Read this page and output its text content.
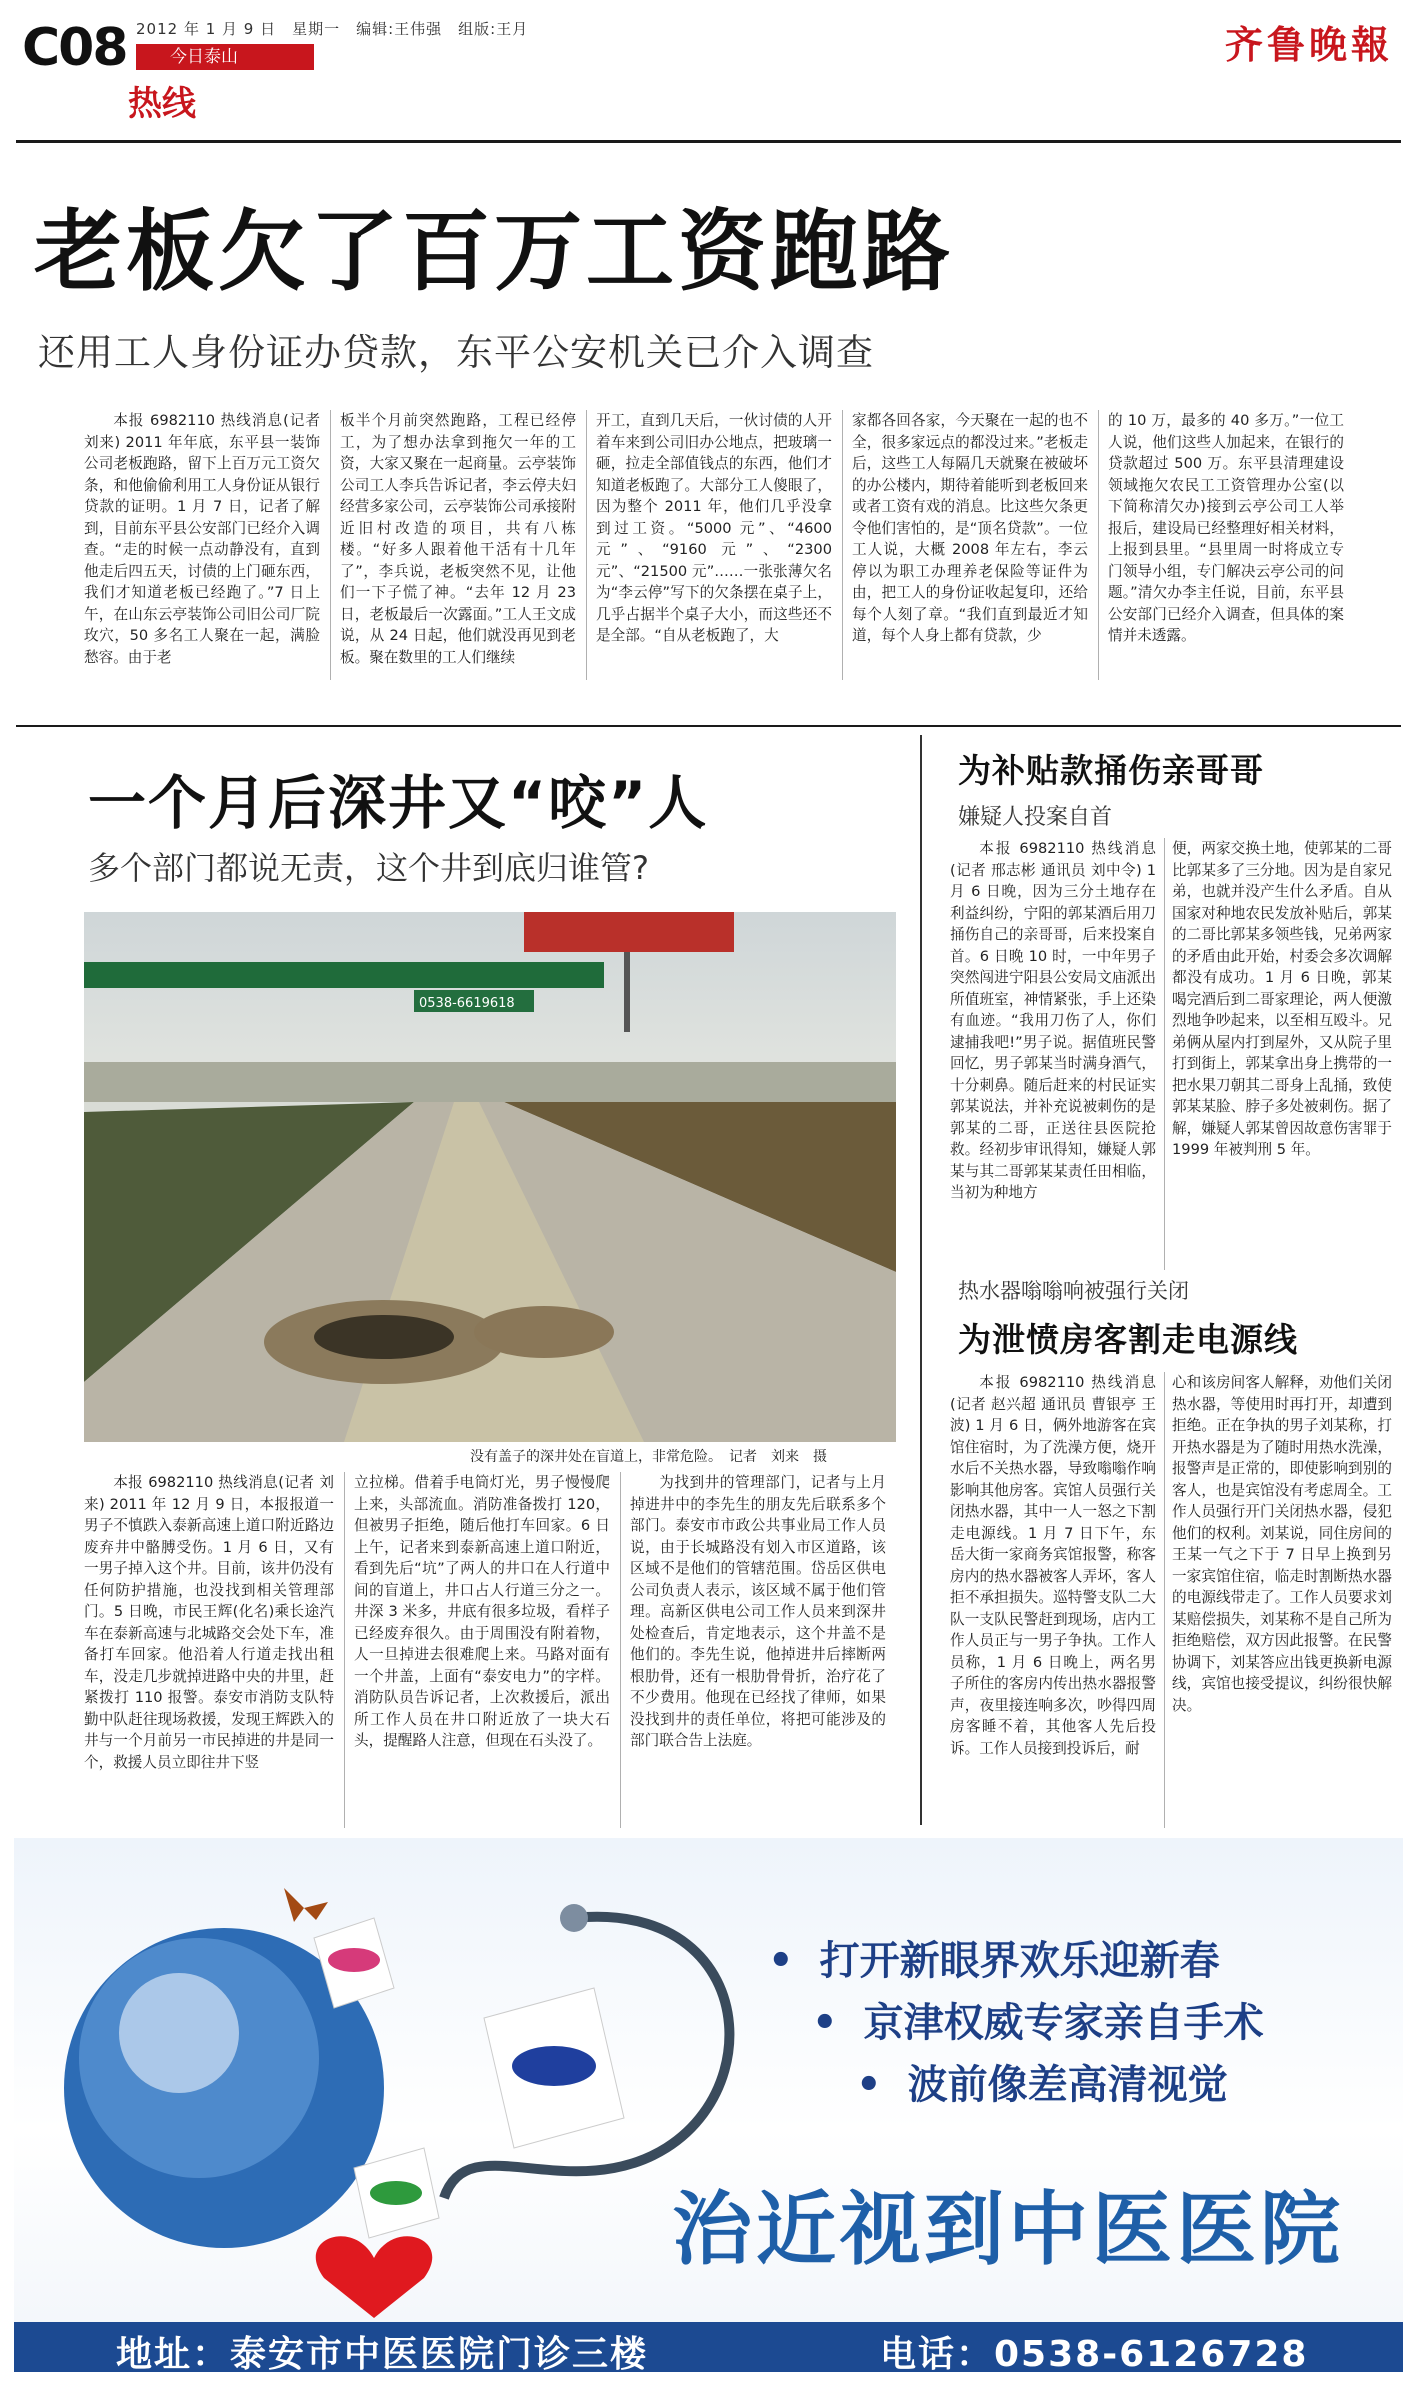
C08 2012 年 1 月 9 日　星期一　编辑:王伟强　组版:王月
今日泰山
热线
齐鲁晚報
老板欠了百万工资跑路
还用工人身份证办贷款，东平公安机关已介入调查

本报 6982110 热线消息(记者 刘来) 2011 年年底，东平县一装饰公司老板跑路，留下上百万元工资欠条，和他偷偷利用工人身份证从银行贷款的证明。1 月 7 日，记者了解到，目前东平县公安部门已经介入调查。“走的时候一点动静没有，直到他走后四五天，讨债的上门砸东西，我们才知道老板已经跑了。”7 日上午，在山东云亭装饰公司旧公司厂院玫穴，50 多名工人聚在一起，满脸愁容。由于老

板半个月前突然跑路，工程已经停工，为了想办法拿到拖欠一年的工资，大家又聚在一起商量。云亭装饰公司工人李兵告诉记者，李云停夫妇经营多家公司，云亭装饰公司承接附近旧村改造的项目，共有八栋楼。“好多人跟着他干活有十几年了”，李兵说，老板突然不见，让他们一下子慌了神。“去年 12 月 23 日，老板最后一次露面。”工人王文成说，从 24 日起，他们就没再见到老板。聚在数里的工人们继续

开工，直到几天后，一伙讨债的人开着车来到公司旧办公地点，把玻璃一砸，拉走全部值钱点的东西，他们才知道老板跑了。大部分工人傻眼了，因为整个 2011 年，他们几乎没拿到过工资。“5000 元”、“4600 元”、“9160 元”、“2300 元”、“21500 元”……一张张薄欠名为“李云停”写下的欠条摆在桌子上，几乎占据半个桌子大小，而这些还不是全部。“自从老板跑了，大

家都各回各家，今天聚在一起的也不全，很多家远点的都没过来。”老板走后，这些工人每隔几天就聚在被破坏的办公楼内，期待着能听到老板回来或者工资有戏的消息。比这些欠条更令他们害怕的，是“顶名贷款”。一位工人说，大概 2008 年左右，李云停以为职工办理养老保险等证件为由，把工人的身份证收起复印，还给每个人刻了章。“我们直到最近才知道，每个人身上都有贷款，少

的 10 万，最多的 40 多万。”一位工人说，他们这些人加起来，在银行的贷款超过 500 万。东平县清理建设领域拖欠农民工工资管理办公室(以下简称清欠办)接到云亭公司工人举报后，建设局已经整理好相关材料，上报到县里。“县里周一时将成立专门领导小组，专门解决云亭公司的问题。”清欠办李主任说，目前，东平县公安部门已经介入调查，但具体的案情并未透露。

一个月后深井又“咬”人
多个部门都说无责，这个井到底归谁管?
0538-6619618
没有盖子的深井处在盲道上，非常危险。　记者　刘来　摄

本报 6982110 热线消息(记者 刘来) 2011 年 12 月 9 日，本报报道一男子不慎跌入泰新高速上道口附近路边废弃井中骼膊受伤。1 月 6 日，又有一男子掉入这个井。目前，该井仍没有任何防护措施，也没找到相关管理部门。5 日晚，市民王辉(化名)乘长途汽车在泰新高速与北城路交会处下车，准备打车回家。他沿着人行道走找出租车，没走几步就掉进路中央的井里，赶紧拨打 110 报警。泰安市消防支队特勤中队赶往现场救援，发现王辉跌入的井与一个月前另一市民掉进的井是同一个，救援人员立即往井下竖

立拉梯。借着手电筒灯光，男子慢慢爬上来，头部流血。消防准备拨打 120，但被男子拒绝，随后他打车回家。6 日上午，记者来到泰新高速上道口附近，看到先后“坑”了两人的井口在人行道中间的盲道上，井口占人行道三分之一。井深 3 米多，井底有很多垃圾，看样子已经废弃很久。由于周围没有附着物，人一旦掉进去很难爬上来。马路对面有一个井盖，上面有“泰安电力”的字样。消防队员告诉记者，上次救援后，派出所工作人员在井口附近放了一块大石头，提醒路人注意，但现在石头没了。

为找到井的管理部门，记者与上月掉进井中的李先生的朋友先后联系多个部门。泰安市市政公共事业局工作人员说，由于长城路没有划入市区道路，该区域不是他们的管辖范围。岱岳区供电公司负责人表示，该区域不属于他们管理。高新区供电公司工作人员来到深井处检查后，肯定地表示，这个井盖不是他们的。李先生说，他掉进井后摔断两根肋骨，还有一根肋骨骨折，治疗花了不少费用。他现在已经找了律师，如果没找到井的责任单位，将把可能涉及的部门联合告上法庭。

为补贴款捅伤亲哥哥
嫌疑人投案自首

本报 6982110 热线消息(记者 邢志彬 通讯员 刘中令) 1 月 6 日晚，因为三分土地存在利益纠纷，宁阳的郭某酒后用刀捅伤自己的亲哥哥，后来投案自首。6 日晚 10 时，一中年男子突然闯进宁阳县公安局文庙派出所值班室，神情紧张，手上还染有血迹。“我用刀伤了人，你们逮捕我吧!”男子说。据值班民警回忆，男子郭某当时满身酒气，十分刺鼻。随后赶来的村民证实郭某说法，并补充说被刺伤的是郭某的二哥，正送往县医院抢救。经初步审讯得知，嫌疑人郭某与其二哥郭某某责任田相临，当初为种地方

便，两家交换土地，使郭某的二哥比郭某多了三分地。因为是自家兄弟，也就并没产生什么矛盾。自从国家对种地农民发放补贴后，郭某的二哥比郭某多领些钱，兄弟两家的矛盾由此开始，村委会多次调解都没有成功。1 月 6 日晚，郭某喝完酒后到二哥家理论，两人便激烈地争吵起来，以至相互殴斗。兄弟俩从屋内打到屋外，又从院子里打到街上，郭某拿出身上携带的一把水果刀朝其二哥身上乱捅，致使郭某某脸、脖子多处被刺伤。据了解，嫌疑人郭某曾因故意伤害罪于 1999 年被判刑 5 年。

热水器嗡嗡响被强行关闭
为泄愤房客割走电源线

本报 6982110 热线消息(记者 赵兴超 通讯员 曹银亭 王波) 1 月 6 日，俩外地游客在宾馆住宿时，为了洗澡方便，烧开水后不关热水器，导致嗡嗡作响影响其他房客。宾馆人员强行关闭热水器，其中一人一怒之下割走电源线。1 月 7 日下午，东岳大街一家商务宾馆报警，称客房内的热水器被客人弄坏，客人拒不承担损失。巡特警支队二大队一支队民警赶到现场，店内工作人员正与一男子争执。工作人员称，1 月 6 日晚上，两名男子所住的客房内传出热水器报警声，夜里接连响多次，吵得四周房客睡不着，其他客人先后投诉。工作人员接到投诉后，耐

心和该房间客人解释，劝他们关闭热水器，等使用时再打开，却遭到拒绝。正在争执的男子刘某称，打开热水器是为了随时用热水洗澡，报警声是正常的，即使影响到别的客人，也是宾馆没有考虑周全。工作人员强行开门关闭热水器，侵犯他们的权利。刘某说，同住房间的王某一气之下于 7 日早上换到另一家宾馆住宿，临走时割断热水器的电源线带走了。工作人员要求刘某赔偿损失，刘某称不是自己所为拒绝赔偿，双方因此报警。在民警协调下，刘某答应出钱更换新电源线，宾馆也接受提议，纠纷很快解决。

• 打开新眼界欢乐迎新春
• 京津权威专家亲自手术
• 波前像差高清视觉
治近视到中医医院
地址：泰安市中医医院门诊三楼	电话：0538-6126728
